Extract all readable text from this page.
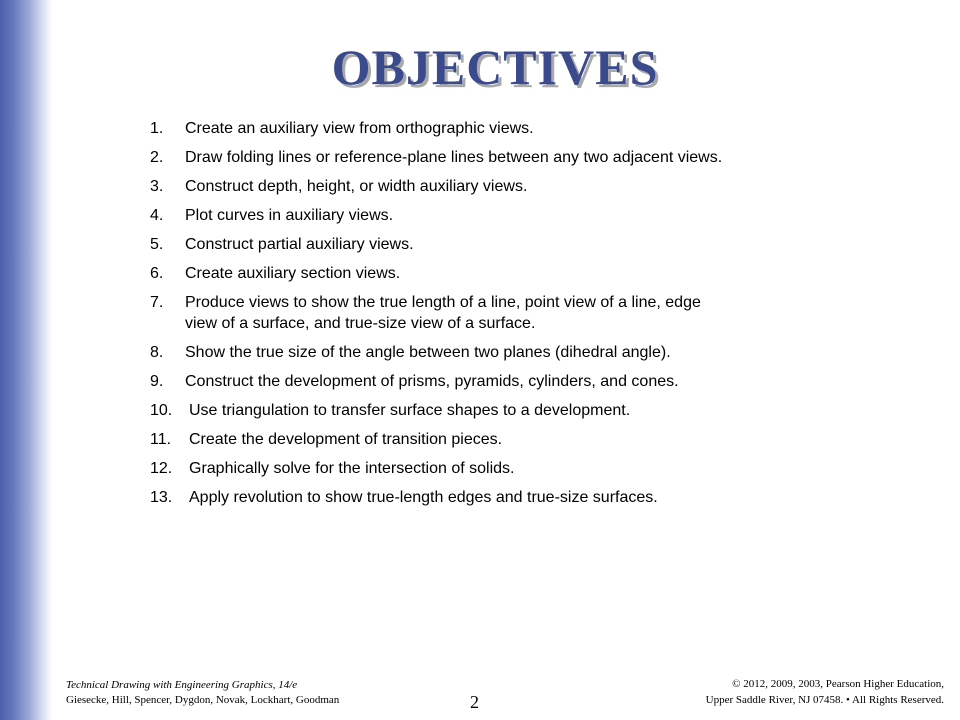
OBJECTIVES
1.	Create an auxiliary view from orthographic views.
2.	Draw folding lines or reference-plane lines between any two adjacent views.
3.	Construct depth, height, or width auxiliary views.
4.	Plot curves in auxiliary views.
5.	Construct partial auxiliary views.
6.	Create auxiliary section views.
7.	Produce views to show the true length of a line, point view of a line, edge view of a surface, and true-size view of a surface.
8.	Show the true size of the angle between two planes (dihedral angle).
9.	Construct the development of prisms, pyramids, cylinders, and cones.
10.	Use triangulation to transfer surface shapes to a development.
11.	Create the development of transition pieces.
12.	Graphically solve for the intersection of solids.
13.	Apply revolution to show true-length edges and true-size surfaces.
Technical Drawing with Engineering Graphics, 14/e
Giesecke, Hill, Spencer, Dygdon, Novak, Lockhart, Goodman	2
© 2012, 2009, 2003, Pearson Higher Education,
Upper Saddle River, NJ 07458. • All Rights Reserved.
